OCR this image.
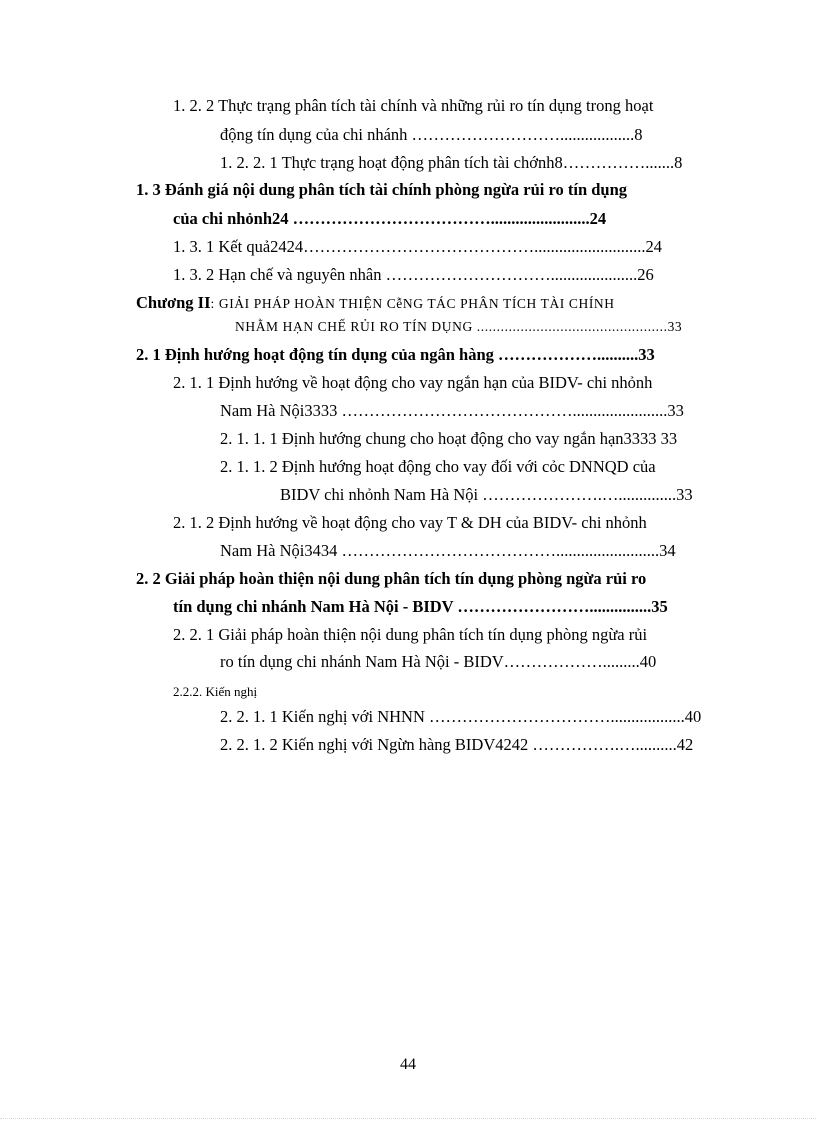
1. 2. 2 Thực trạng phân tích tài chính và những rủi ro tín dụng trong hoạt
động tín dụng của chi nhánh ………………………..................8
1. 2. 2. 1 Thực trạng hoạt động phân tích tài chớnh8…………….......8
1. 3 Đánh giá nội dung phân tích tài chính phòng ngừa rủi ro tín dụng
của chi nhỏnh24 ………………………………........................24
1. 3. 1 Kết quả2424……………………………………...........................24
1. 3. 2 Hạn chế và nguyên nhân ………………………….....................26
Chương II: GIẢI PHÁP HOÀN THIỆN CễNG TÁC PHÂN TÍCH TÀI CHÍNH
NHẰM HẠN CHẾ RỦI RO TÍN DỤNG ................................................33
2. 1 Định hướng hoạt động tín dụng của ngân hàng ………………..........33
2. 1. 1 Định hướng về hoạt động cho vay ngắn hạn của BIDV- chi nhỏnh
Nam Hà Nội3333 …………………………………….......................33
2. 1. 1. 1 Định hướng chung cho hoạt động cho vay ngắn hạn3333 33
2. 1. 1. 2 Định hướng hoạt động cho vay đối với cỏc DNNQD của
BIDV chi nhỏnh Nam Hà Nội ………………….…..............33
2. 1. 2 Định hướng về hoạt động cho vay T & DH của BIDV- chi nhỏnh
Nam Hà Nội3434 ………………………………….........................34
2. 2 Giải pháp hoàn thiện nội dung phân tích tín dụng phòng ngừa rủi ro
tín dụng chi nhánh Nam Hà Nội - BIDV ……………………...............35
2. 2. 1 Giải pháp hoàn thiện nội dung phân tích tín dụng phòng ngừa rủi
ro tín dụng chi nhánh Nam Hà Nội - BIDV……………….........40
2.2.2. Kiến nghị
2. 2. 1. 1 Kiến nghị với NHNN ……………………………..................40
2. 2. 1. 2 Kiến nghị với Ngừn hàng BIDV4242 …………….…..........42
44
